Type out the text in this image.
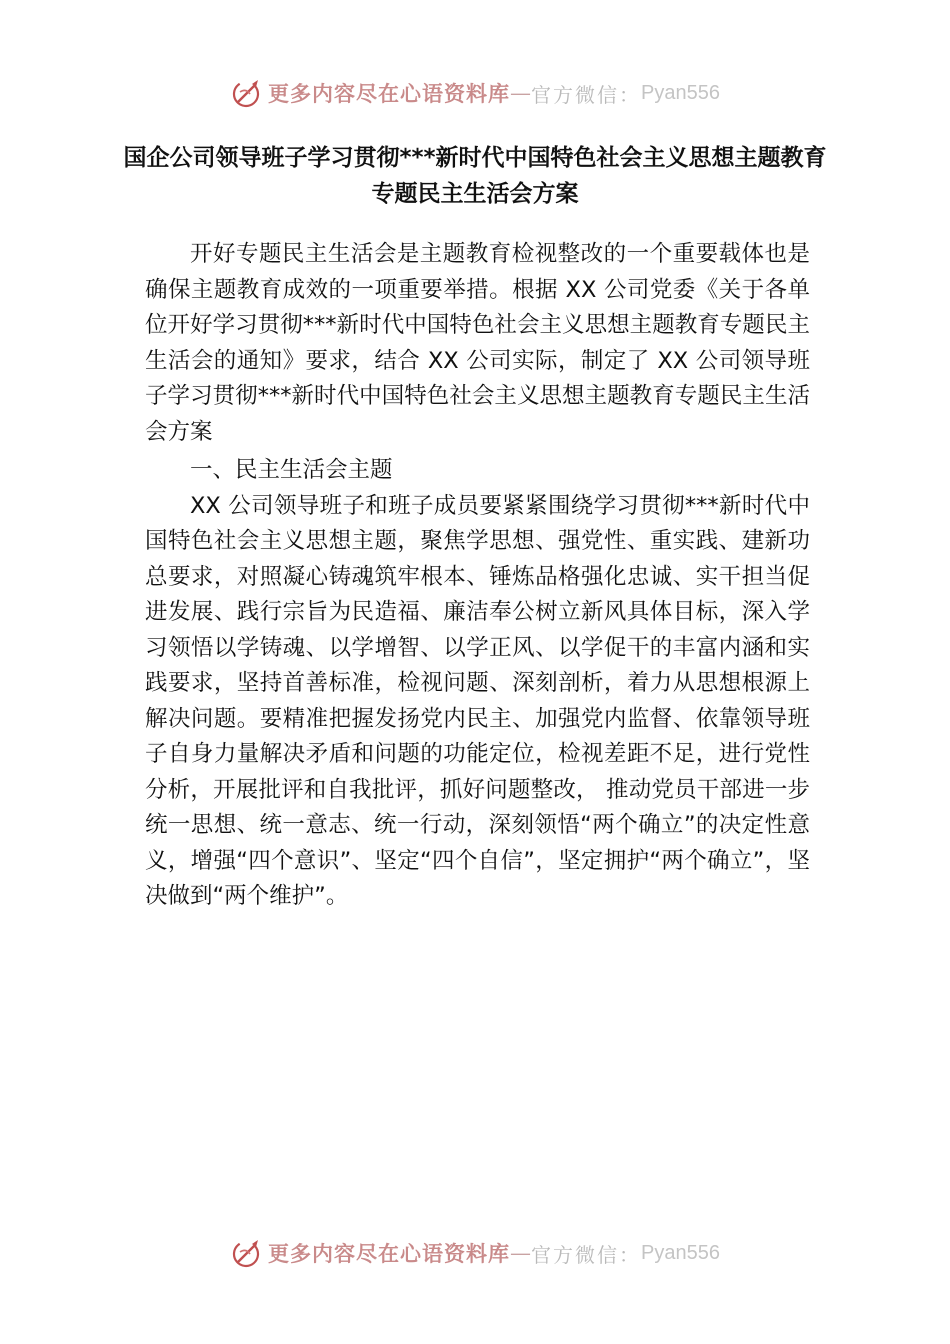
更多内容尽在心语资料库 — 官方微信： Pyan556
国企公司领导班子学习贯彻***新时代中国特色社会主义思想主题教育专题民主生活会方案

开好专题民主生活会是主题教育检视整改的一个重要载体也是确保主题教育成效的一项重要举措。根据 XX 公司党委《关于各单位开好学习贯彻***新时代中国特色社会主义思想主题教育专题民主生活会的通知》要求，结合 XX 公司实际，制定了 XX 公司领导班子学习贯彻***新时代中国特色社会主义思想主题教育专题民主生活会方案

一、民主生活会主题

XX 公司领导班子和班子成员要紧紧围绕学习贯彻***新时代中国特色社会主义思想主题，聚焦学思想、强党性、重实践、建新功总要求，对照凝心铸魂筑牢根本、锤炼品格强化忠诚、实干担当促进发展、践行宗旨为民造福、廉洁奉公树立新风具体目标，深入学习领悟以学铸魂、以学增智、以学正风、以学促干的丰富内涵和实践要求，坚持首善标准，检视问题、深刻剖析，着力从思想根源上解决问题。要精准把握发扬党内民主、加强党内监督、依靠领导班子自身力量解决矛盾和问题的功能定位，检视差距不足，进行党性分析，开展批评和自我批评，抓好问题整改， 推动党员干部进一步统一思想、统一意志、统一行动，深刻领悟“两个确立”的决定性意义，增强“四个意识”、坚定“四个自信”，坚定拥护“两个确立”，坚决做到“两个维护”。

更多内容尽在心语资料库 — 官方微信： Pyan556
